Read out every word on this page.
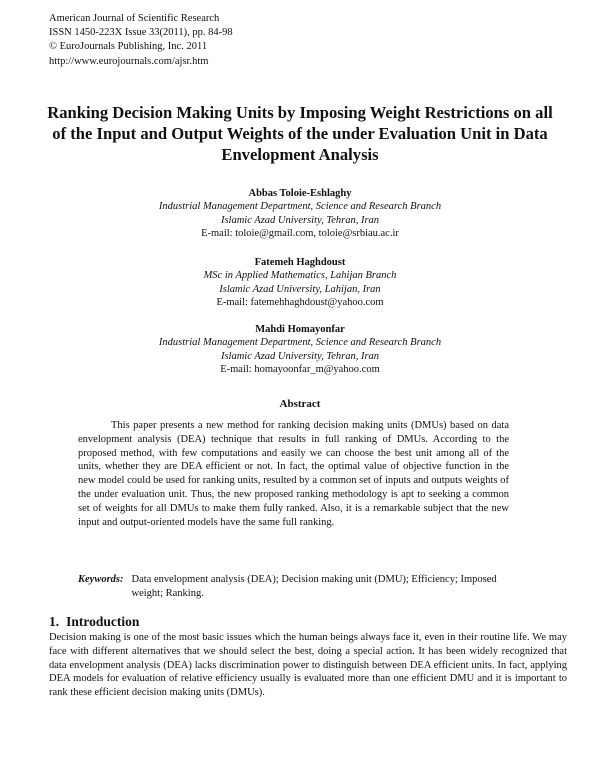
American Journal of Scientific Research
ISSN 1450-223X Issue 33(2011), pp. 84-98
© EuroJournals Publishing, Inc. 2011
http://www.eurojournals.com/ajsr.htm
Ranking Decision Making Units by Imposing Weight Restrictions on all of the Input and Output Weights of the under Evaluation Unit in Data Envelopment Analysis
Abbas Toloie-Eshlaghy
Industrial Management Department, Science and Research Branch
Islamic Azad University, Tehran, Iran
E-mail: toloie@gmail.com, toloie@srbiau.ac.ir
Fatemeh Haghdoust
MSc in Applied Mathematics, Lahijan Branch
Islamic Azad University, Lahijan, Iran
E-mail: fatemehhaghdoust@yahoo.com
Mahdi Homayonfar
Industrial Management Department, Science and Research Branch
Islamic Azad University, Tehran, Iran
E-mail: homayoonfar_m@yahoo.com
Abstract

This paper presents a new method for ranking decision making units (DMUs) based on data envelopment analysis (DEA) technique that results in full ranking of DMUs. According to the proposed method, with few computations and easily we can choose the best unit among all of the units, whether they are DEA efficient or not. In fact, the optimal value of objective function in the new model could be used for ranking units, resulted by a common set of inputs and outputs weights of the under evaluation unit. Thus, the new proposed ranking methodology is apt to seeking a common set of weights for all DMUs to make them fully ranked. Also, it is a remarkable subject that the new input and output-oriented models have the same full ranking.

Keywords: Data envelopment analysis (DEA); Decision making unit (DMU); Efficiency; Imposed weight; Ranking.
1. Introduction

Decision making is one of the most basic issues which the human beings always face it, even in their routine life. We may face with different alternatives that we should select the best, doing a special action. It has been widely recognized that data envelopment analysis (DEA) lacks discrimination power to distinguish between DEA efficient units. In fact, applying DEA models for evaluation of relative efficiency usually is evaluated more than one efficient DMU and it is important to rank these efficient decision making units (DMUs).
